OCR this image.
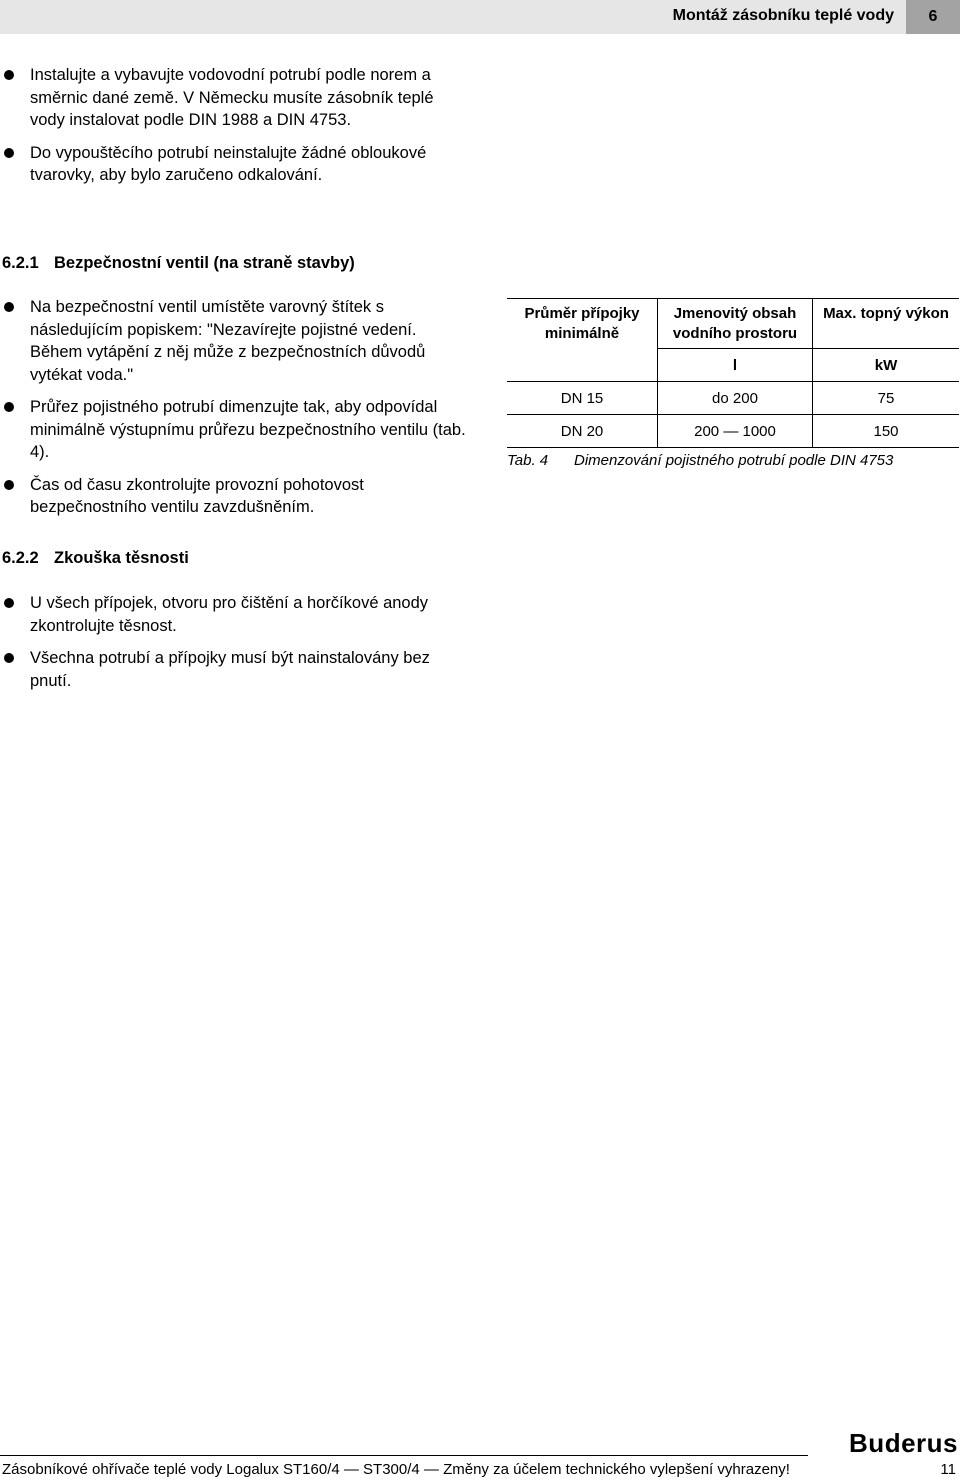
Montáž zásobníku teplé vody	6
Instalujte a vybavujte vodovodní potrubí podle norem a směrnic dané země. V Německu musíte zásobník teplé vody instalovat podle DIN 1988 a DIN 4753.
Do vypouštěcího potrubí neinstalujte žádné obloukové tvarovky, aby bylo zaručeno odkalování.
6.2.1 Bezpečnostní ventil (na straně stavby)
Na bezpečnostní ventil umístěte varovný štítek s následujícím popiskem: "Nezavírejte pojistné vedení. Během vytápění z něj může z bezpečnostních důvodů vytékat voda."
Průřez pojistného potrubí dimenzujte tak, aby odpovídal minimálně výstupnímu průřezu bezpečnostního ventilu (tab. 4).
Čas od času zkontrolujte provozní pohotovost bezpečnostního ventilu zavzdušněním.
Průměr přípojky minimálně	Jmenovitý obsah vodního prostoru	Max. topný výkon
	l	kW
DN 15	do 200	75
DN 20	200 — 1000	150
Tab. 4 Dimenzování pojistného potrubí podle DIN 4753
6.2.2 Zkouška těsnosti
U všech přípojek, otvoru pro čištění a horčíkové anody zkontrolujte těsnost.
Všechna potrubí a přípojky musí být nainstalovány bez pnutí.
Buderus
Zásobníkové ohřívače teplé vody Logalux ST160/4 — ST300/4 — Změny za účelem technického vylepšení vyhrazeny!	11
